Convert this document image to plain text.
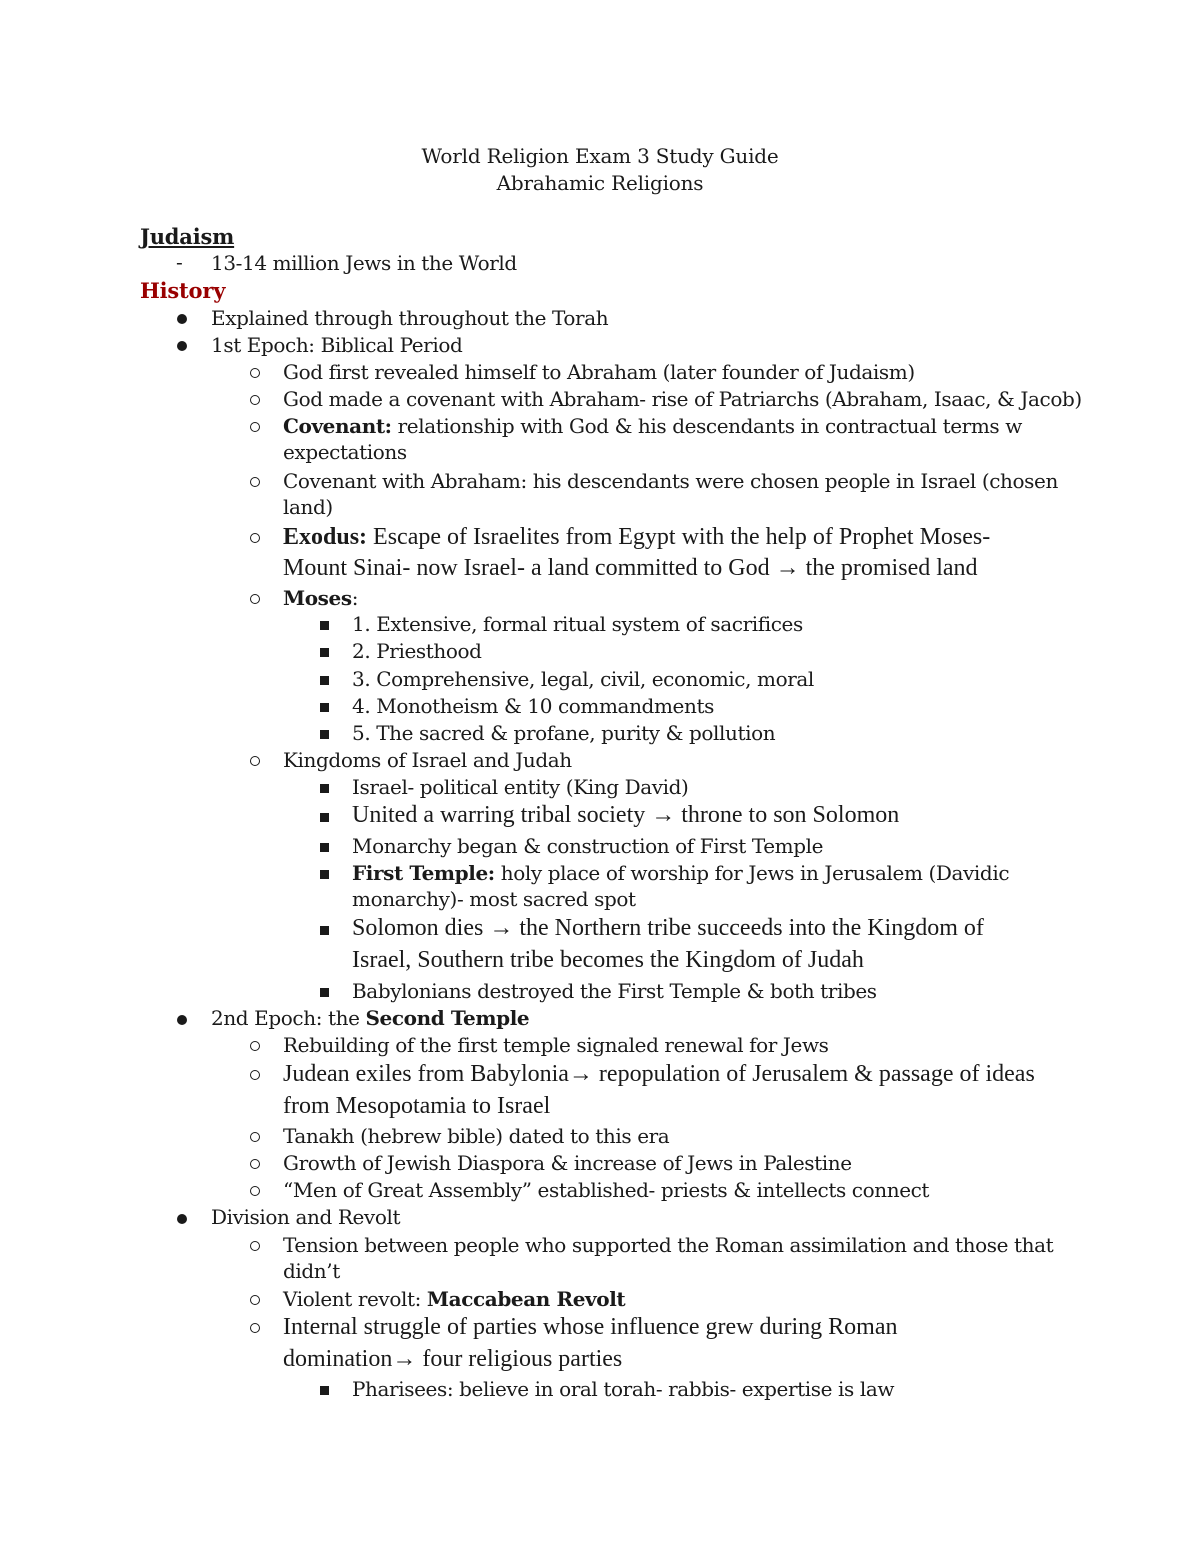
World Religion Exam 3 Study Guide
Abrahamic Religions
Judaism
- 13-14 million Jews in the World
History
Explained through throughout the Torah
1st Epoch: Biblical Period
God first revealed himself to Abraham (later founder of Judaism)
God made a covenant with Abraham- rise of Patriarchs (Abraham, Isaac, & Jacob)
Covenant: relationship with God & his descendants in contractual terms w
expectations
Covenant with Abraham: his descendants were chosen people in Israel (chosen
land)
Exodus: Escape of Israelites from Egypt with the help of Prophet Moses-
Mount Sinai- now Israel- a land committed to God → the promised land
Moses:
1. Extensive, formal ritual system of sacrifices
2. Priesthood
3. Comprehensive, legal, civil, economic, moral
4. Monotheism & 10 commandments
5. The sacred & profane, purity & pollution
Kingdoms of Israel and Judah
Israel- political entity (King David)
United a warring tribal society → throne to son Solomon
Monarchy began & construction of First Temple
First Temple: holy place of worship for Jews in Jerusalem (Davidic
monarchy)- most sacred spot
Solomon dies → the Northern tribe succeeds into the Kingdom of
Israel, Southern tribe becomes the Kingdom of Judah
Babylonians destroyed the First Temple & both tribes
2nd Epoch: the Second Temple
Rebuilding of the first temple signaled renewal for Jews
Judean exiles from Babylonia→ repopulation of Jerusalem & passage of ideas
from Mesopotamia to Israel
Tanakh (hebrew bible) dated to this era
Growth of Jewish Diaspora & increase of Jews in Palestine
“Men of Great Assembly” established- priests & intellects connect
Division and Revolt
Tension between people who supported the Roman assimilation and those that
didn’t
Violent revolt: Maccabean Revolt
Internal struggle of parties whose influence grew during Roman
domination→ four religious parties
Pharisees: believe in oral torah- rabbis- expertise is law
